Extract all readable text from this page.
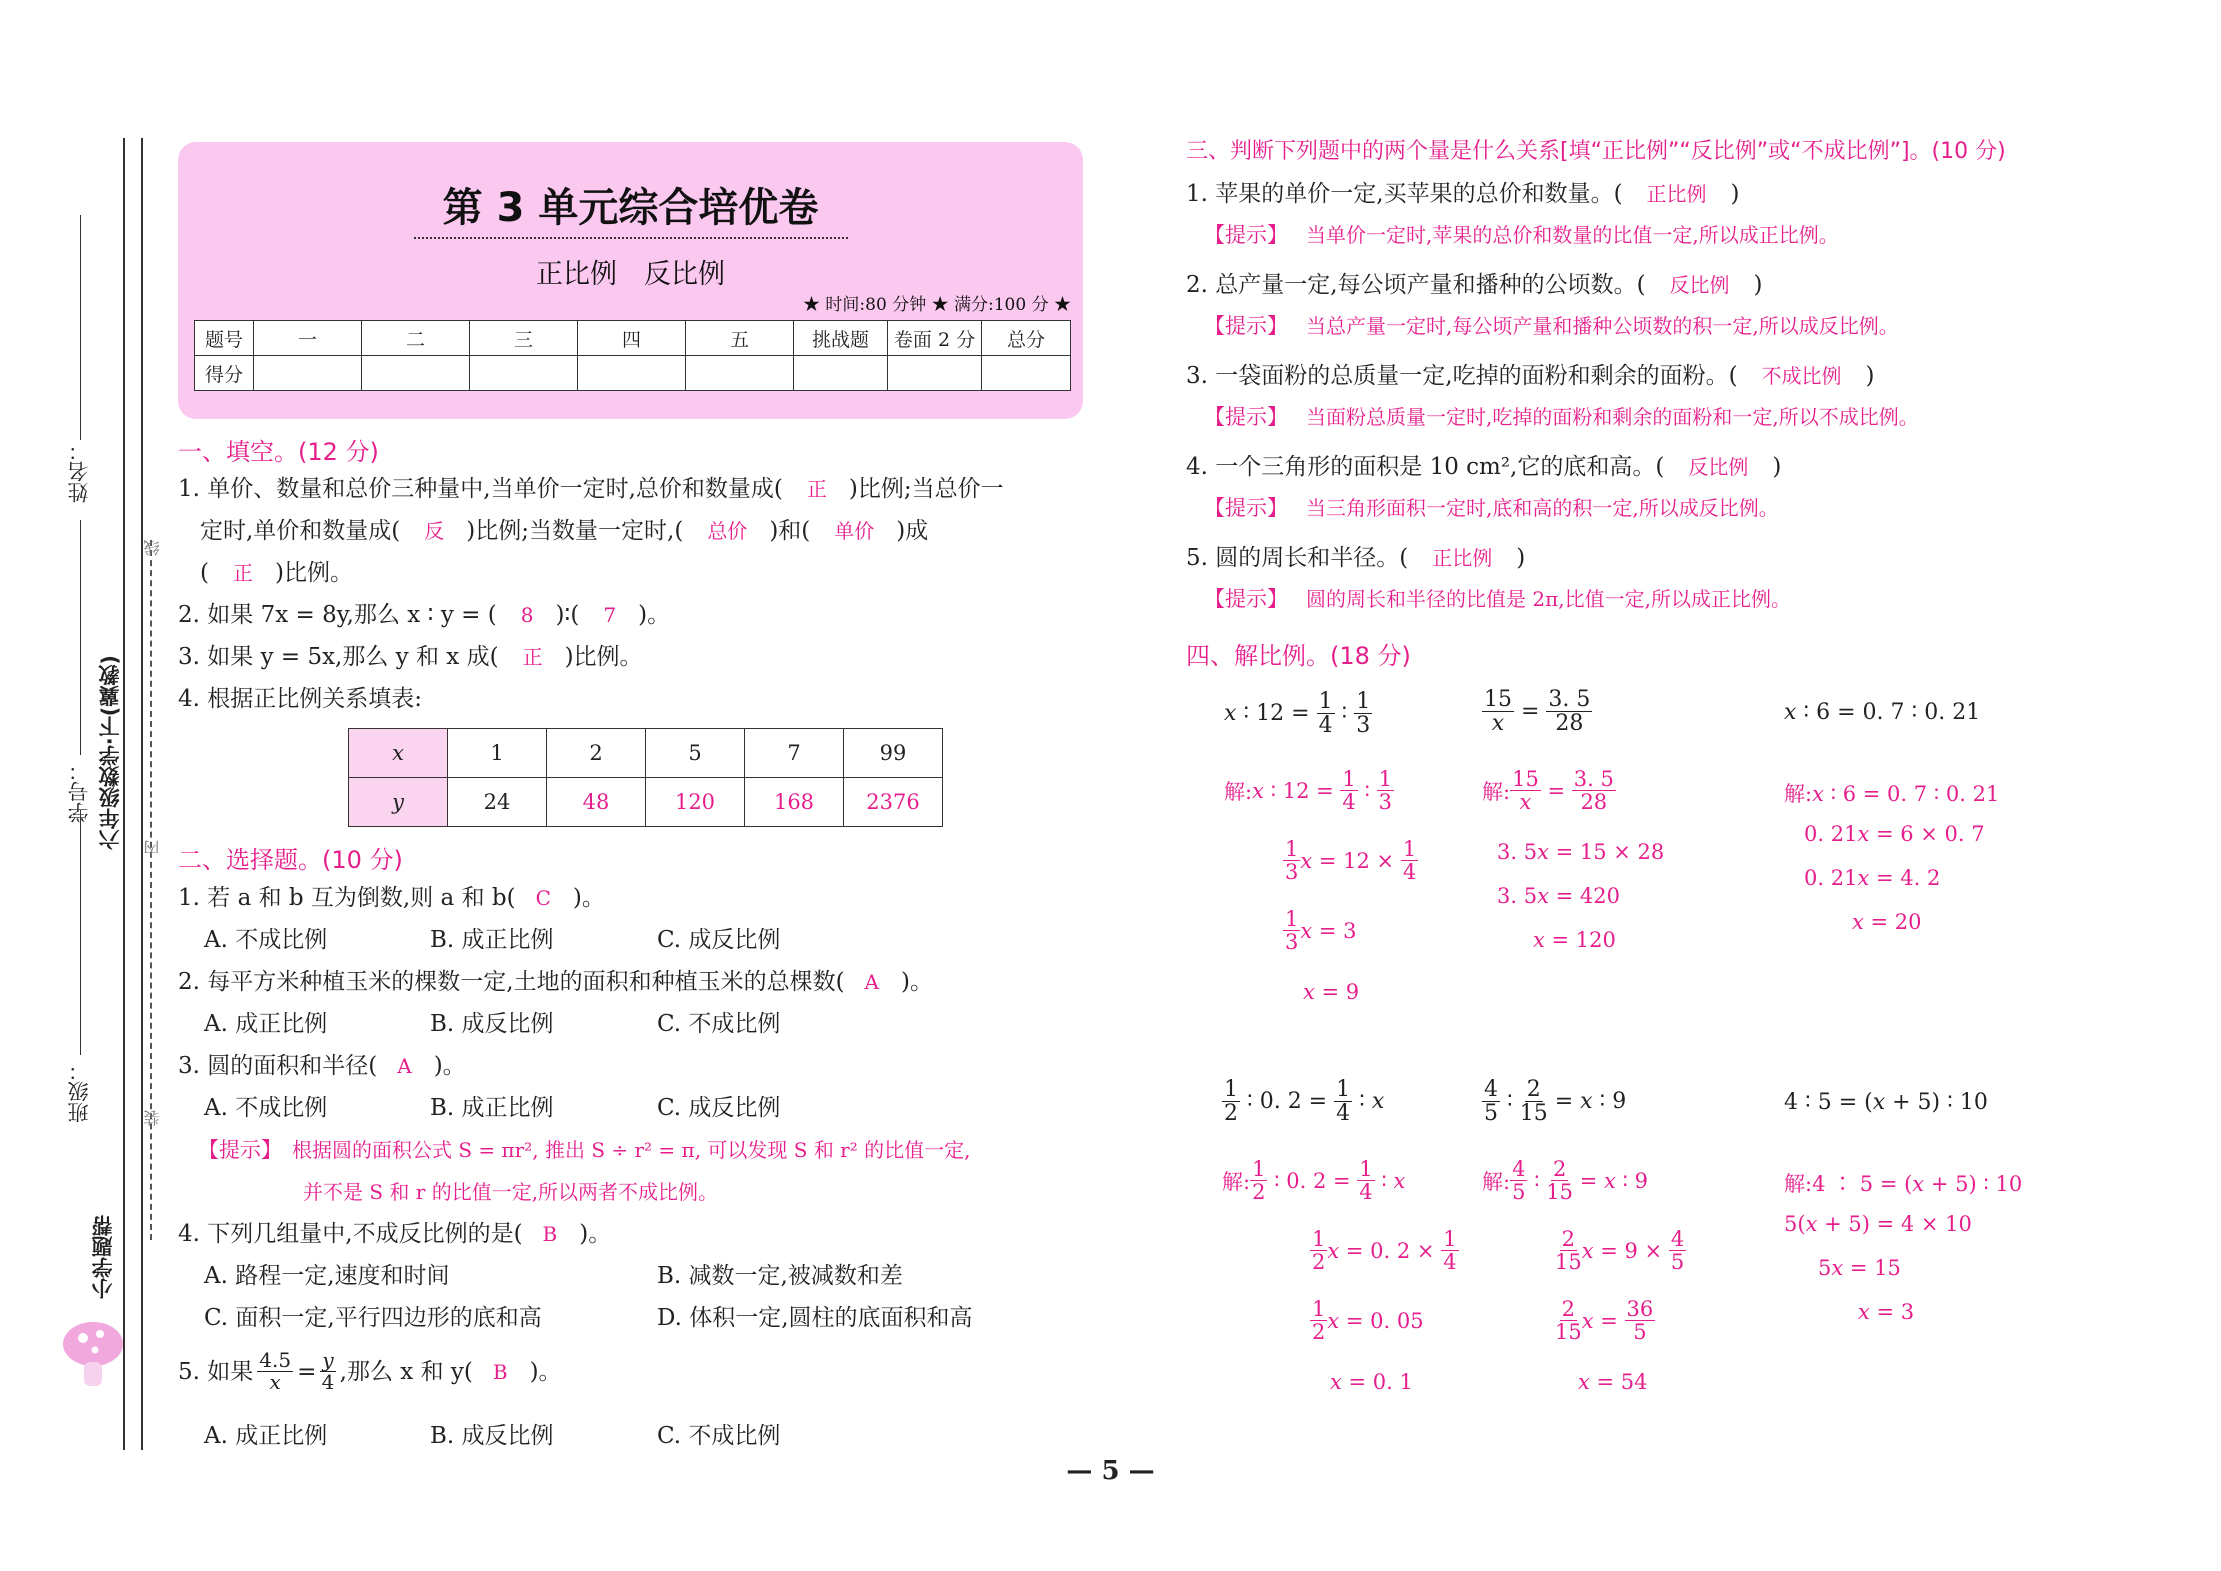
线
内
装
姓名：
学号： 六年级数学·下(冀教)
班级：
小学题帮
第 3 单元综合培优卷
正比例　反比例
★ 时间:80 分钟 ★ 满分:100 分 ★
题号	一	二	三	四	五	挑战题	卷面 2 分	总分
得分								
一、填空。(12 分)
1. 单价、数量和总价三种量中,当单价一定时,总价和数量成( 正 )比例;当总价一
定时,单价和数量成( 反 )比例;当数量一定时,( 总价 )和( 单价 )成
( 正 )比例。
2. 如果 7x = 8y,那么 x ∶ y = ( 8 )∶( 7 )。
3. 如果 y = 5x,那么 y 和 x 成( 正 )比例。
4. 根据正比例关系填表:
x	1	2	5	7	99
y	24	48	120	168	2376
二、选择题。(10 分)
1. 若 a 和 b 互为倒数,则 a 和 b( C )。
A. 不成比例	B. 成正比例	C. 成反比例
2. 每平方米种植玉米的棵数一定,土地的面积和种植玉米的总棵数( A )。
A. 成正比例	B. 成反比例	C. 不成比例
3. 圆的面积和半径( A )。
A. 不成比例	B. 成正比例	C. 成反比例
【提示】 根据圆的面积公式 S = πr², 推出 S ÷ r² = π, 可以发现 S 和 r² 的比值一定,
并不是 S 和 r 的比值一定,所以两者不成比例。
4. 下列几组量中,不成反比例的是( B )。
A. 路程一定,速度和时间	B. 减数一定,被减数和差
C. 面积一定,平行四边形的底和高	D. 体积一定,圆柱的底面积和高
5. 如果 $\frac{4.5}{x} = \frac{y}{4}$ ,那么 x 和 y( B )。
A. 成正比例	B. 成反比例	C. 不成比例
三、判断下列题中的两个量是什么关系[填“正比例”“反比例”或“不成比例”]。(10 分)
1. 苹果的单价一定,买苹果的总价和数量。( 正比例 )
【提示】 当单价一定时,苹果的总价和数量的比值一定,所以成正比例。
2. 总产量一定,每公顷产量和播种的公顷数。( 反比例 )
【提示】 当总产量一定时,每公顷产量和播种公顷数的积一定,所以成反比例。
3. 一袋面粉的总质量一定,吃掉的面粉和剩余的面粉。( 不成比例 )
【提示】 当面粉总质量一定时,吃掉的面粉和剩余的面粉和一定,所以不成比例。
4. 一个三角形的面积是 10 cm²,它的底和高。( 反比例 )
【提示】 当三角形面积一定时,底和高的积一定,所以成反比例。
5. 圆的周长和半径。( 正比例 )
【提示】 圆的周长和半径的比值是 2π,比值一定,所以成正比例。
四、解比例。(18 分)
x ∶ $12 = \frac{1}{4}$ ∶ $\frac{1}{3}$	$\frac{15}{x} = \frac{3. 5}{28}$	x ∶ 6 = 0. 7 ∶ 0. 21
解: x ∶ $12 = \frac{1}{4}$ ∶ $\frac{1}{3}$
$\frac{1}{3}$ $x = 12 \times \frac{1}{4}$
$\frac{1}{3}$ x = 3
x = 9
解: $\frac{15}{x} = \frac{3. 5}{28}$
3. 5x = 15 × 28
3. 5x = 420
x = 120
解:x ∶ 6 = 0. 7 ∶ 0. 21
0. 21x = 6 × 0. 7
0. 21x = 4. 2
x = 20
$\frac{1}{2}$ ∶ 0. $2 = \frac{1}{4}$ ∶ x	$\frac{4}{5}$ ∶ $\frac{2}{15} = x$ ∶ 9	4 ∶ 5 = (x + 5) ∶ 10
解: $\frac{1}{2}$ ∶ 0. $2 = \frac{1}{4}$ ∶ x
$\frac{1}{2}$ x = 0. $2 \times \frac{1}{4}$
$\frac{1}{2}$ x = 0. 05
x = 0. 1
解: $\frac{4}{5}$ ∶ $\frac{2}{15} = x$ ∶ 9
$\frac{2}{15}$ $x = 9 \times \frac{4}{5}$
$\frac{2}{15}$ $x = \frac{36}{5}$
x = 54
解:4 ∶ 5 = (x + 5) ∶ 10
5(x + 5) = 4 × 10
5x = 15
x = 3
— 5 —
